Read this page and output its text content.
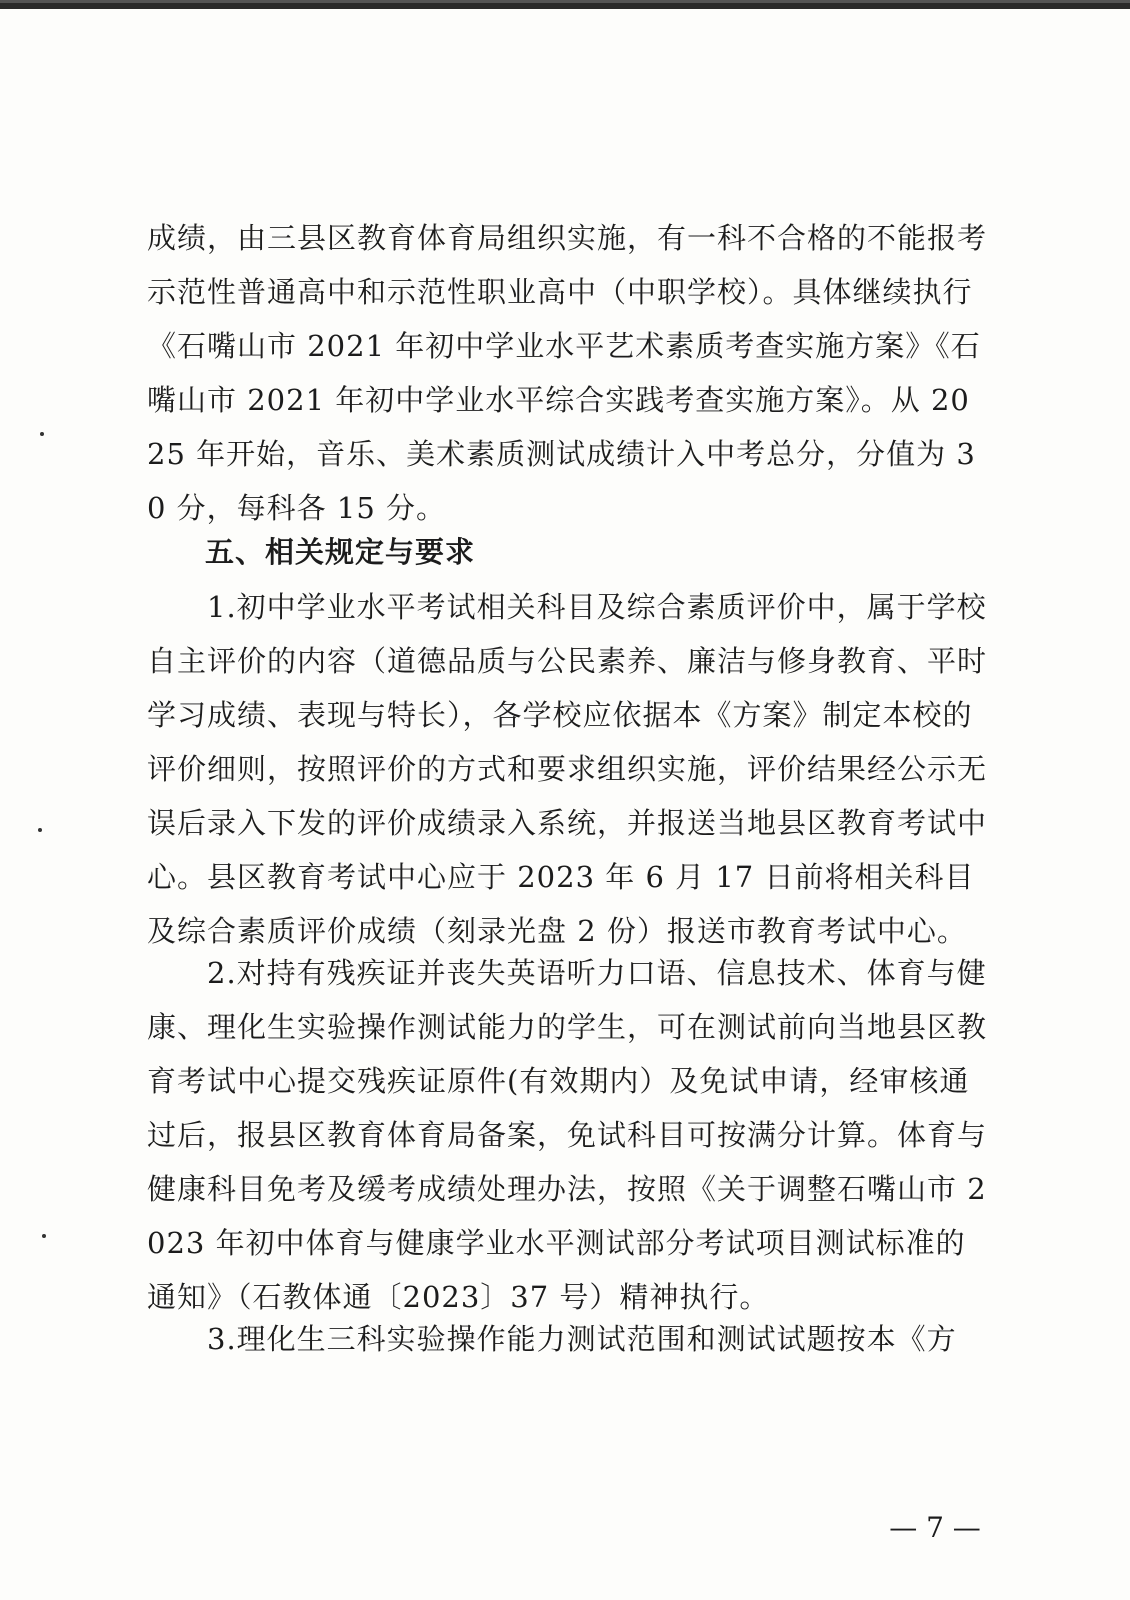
成绩，由三县区教育体育局组织实施，有一科不合格的不能报考示范性普通高中和示范性职业高中（中职学校）。具体继续执行《石嘴山市 2021 年初中学业水平艺术素质考查实施方案》《石嘴山市 2021 年初中学业水平综合实践考查实施方案》。从 2025 年开始，音乐、美术素质测试成绩计入中考总分，分值为 30 分，每科各 15 分。

五、相关规定与要求

　　1.初中学业水平考试相关科目及综合素质评价中，属于学校自主评价的内容（道德品质与公民素养、廉洁与修身教育、平时学习成绩、表现与特长），各学校应依据本《方案》制定本校的评价细则，按照评价的方式和要求组织实施，评价结果经公示无误后录入下发的评价成绩录入系统，并报送当地县区教育考试中心。县区教育考试中心应于 2023 年 6 月 17 日前将相关科目及综合素质评价成绩（刻录光盘 2 份）报送市教育考试中心。

　　2.对持有残疾证并丧失英语听力口语、信息技术、体育与健康、理化生实验操作测试能力的学生，可在测试前向当地县区教育考试中心提交残疾证原件(有效期内）及免试申请，经审核通过后，报县区教育体育局备案，免试科目可按满分计算。体育与健康科目免考及缓考成绩处理办法，按照《关于调整石嘴山市 2023 年初中体育与健康学业水平测试部分考试项目测试标准的通知》（石教体通〔2023〕37 号）精神执行。

　　3.理化生三科实验操作能力测试范围和测试试题按本《方

— 7 —
